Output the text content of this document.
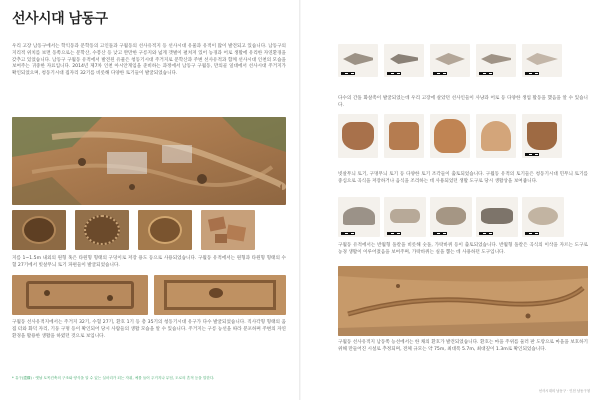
선사시대 남동구
우리 고장 남동구에서는 학익동과 문학동의 고인돌과 구월동의 선사유적지 등 선사시대 유물과 유적이 많이 발견되고 있습니다. 남동구의 지리적 위치를 보면 동쪽으로는 문학산, 수봉산 등 낮고 완만한 구릉지와 넓게 갯벌이 펼쳐져 있어 농경과 어로 생활에 유리한 자연환경을 갖추고 있었습니다. 남동구 구월동 유적에서 발견된 유물은 청동기시대 주거지로 문학산과 주변 선사유적과 함께 선사시대 인천의 모습을 보여주는 귀중한 자료입니다. 2014년 제7차 인천 아시안게임을 준비하는 과정에서 남동구 구월동, 만의골 일대에서 선사시대 주거지가 확인되었으며, 청동기시대 집자리 32기를 비롯해 다양한 토기들이 발굴되었습니다.
지름 1~1.5m 내외의 원형 혹은 타원형 형태의 구덩이로 저장 용도 등으로 사용되었습니다. 구월동 유적에서는 원형과 타원형 형태의 수혈 27기에서 빗살무늬 토기 파편들이 발굴되었습니다.
구월동 선사유적지에서는 주거지 32기, 수혈 27기, 환호 1기 등 총 35기의 청동기시대 유구가 다수 발굴되었습니다. 직사각형 형태의 움집 터와 화덕 자리, 기둥 구멍 등이 확인되어 당시 사람들의 생활 모습을 알 수 있습니다. 주거지는 구릉 능선을 따라 분포하며 주변의 자연환경을 활용한 생활을 하였던 것으로 보입니다.
* 유구(遺構) : 옛날 토목건축의 구조와 양식을 알 수 있는 실마리가 되는 자취, 예를 들어 주거지나 무덤, 도로의 흔적 등을 말한다.
다수의 간돌 화살촉이 발굴되었는데 우리 고장에 살았던 선사인들이 사냥과 어로 등 다양한 생업 활동을 했음을 알 수 있습니다.
빗살무늬 토기, 구멍무늬 토기 등 다양한 토기 조각들이 출토되었습니다. 구월동 유적의 토기들은 청동기시대 민무늬 토기를 중심으로 곡식을 저장하거나 음식을 조리하는 데 사용되었던 생활 도구로 당시 생활상을 보여줍니다.
구월동 유적에서는 반월형 돌칼을 비롯해 숫돌, 가락바퀴 등이 출토되었습니다. 반월형 돌칼은 곡식의 이삭을 자르는 도구로 농경 생활이 이루어졌음을 보여주며, 가락바퀴는 실을 뽑는 데 사용하던 도구입니다.
구월동 선사유적지 남동쪽 능선에서는 한 채의 환호가 발견되었습니다. 환호는 마을 주위를 둘러 판 도랑으로 마을을 보호하기 위해 만들어진 시설로 추정되며, 전체 규모는 약 75m, 최대폭 5.7m, 최대깊이 1.3m로 확인되었습니다.
선사시대의 남동구 · 인천 남동구청
